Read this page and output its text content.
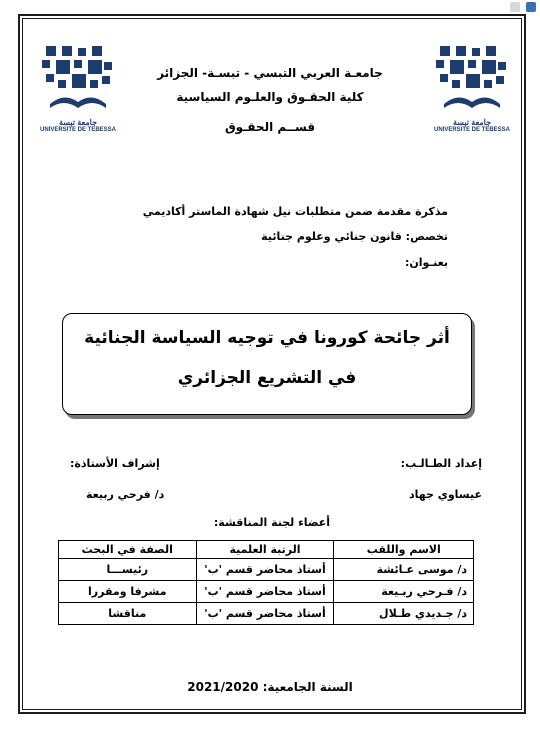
جامعة تبسة
UNIVERSITE DE TEBESSA
جامعة تبسة
UNIVERSITE DE TEBESSA
جامعـة العربي التبسي - تبسـة- الجزائر
كلية الحقـوق والعلـوم السياسية
قســم الحقـوق
مذكرة مقدمة ضمن متطلبات نيل شهادة الماستر أكاديمي
تخصص: قانون جنائي وعلوم جنائية
بعنـوان:
أثر جائحة كورونا في توجيه السياسة الجنائية
في التشريع الجزائري
إعداد الطـالـب:
عيساوي جهاد
إشراف الأستاذة:
د/ فرحي ربيعة
أعضاء لجنة المناقشة:
الاسم واللقب	الرتبة العلمية	الصفة في البحث
د/ موسى عـائشة	أستاذ محاضر قسم 'ب'	رئيســـا
د/ فـرحي ربـيعة	أستاذ محاضر قسم 'ب'	مشرفا ومقررا
د/ جـديدي طـلال	أستاذ محاضر قسم 'ب'	مناقشا
السنة الجامعية: 2021/2020
